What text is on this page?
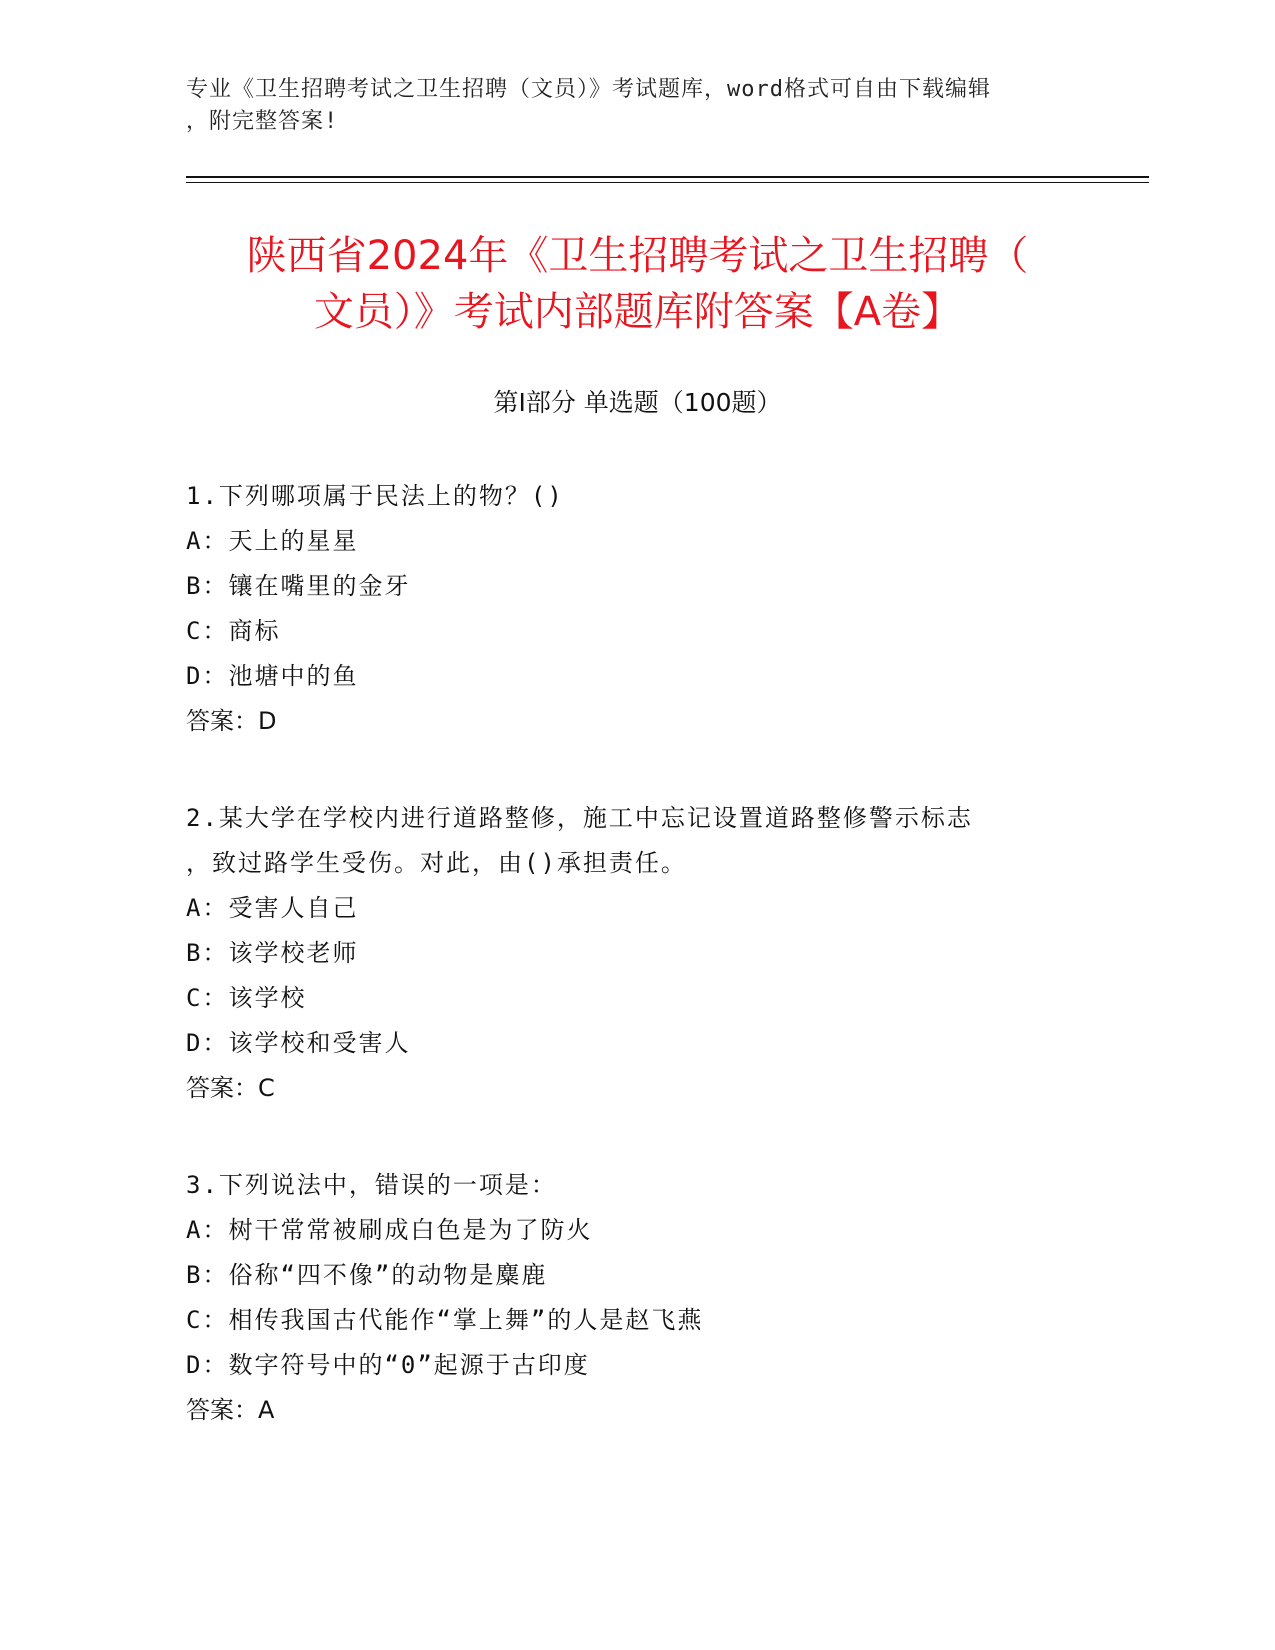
专业《卫生招聘考试之卫生招聘（文员）》考试题库，word格式可自由下载编辑
，附完整答案!
陕西省2024年《卫生招聘考试之卫生招聘（
文员）》考试内部题库附答案【A卷】
第Ⅰ部分 单选题（100题）
1.下列哪项属于民法上的物？()
A：天上的星星
B：镶在嘴里的金牙
C：商标
D：池塘中的鱼
答案：D
2.某大学在学校内进行道路整修，施工中忘记设置道路整修警示标志
，致过路学生受伤。对此，由()承担责任。
A：受害人自己
B：该学校老师
C：该学校
D：该学校和受害人
答案：C
3.下列说法中，错误的一项是：
A：树干常常被刷成白色是为了防火
B：俗称“四不像”的动物是麋鹿
C：相传我国古代能作“掌上舞”的人是赵飞燕
D：数字符号中的“0”起源于古印度
答案：A
